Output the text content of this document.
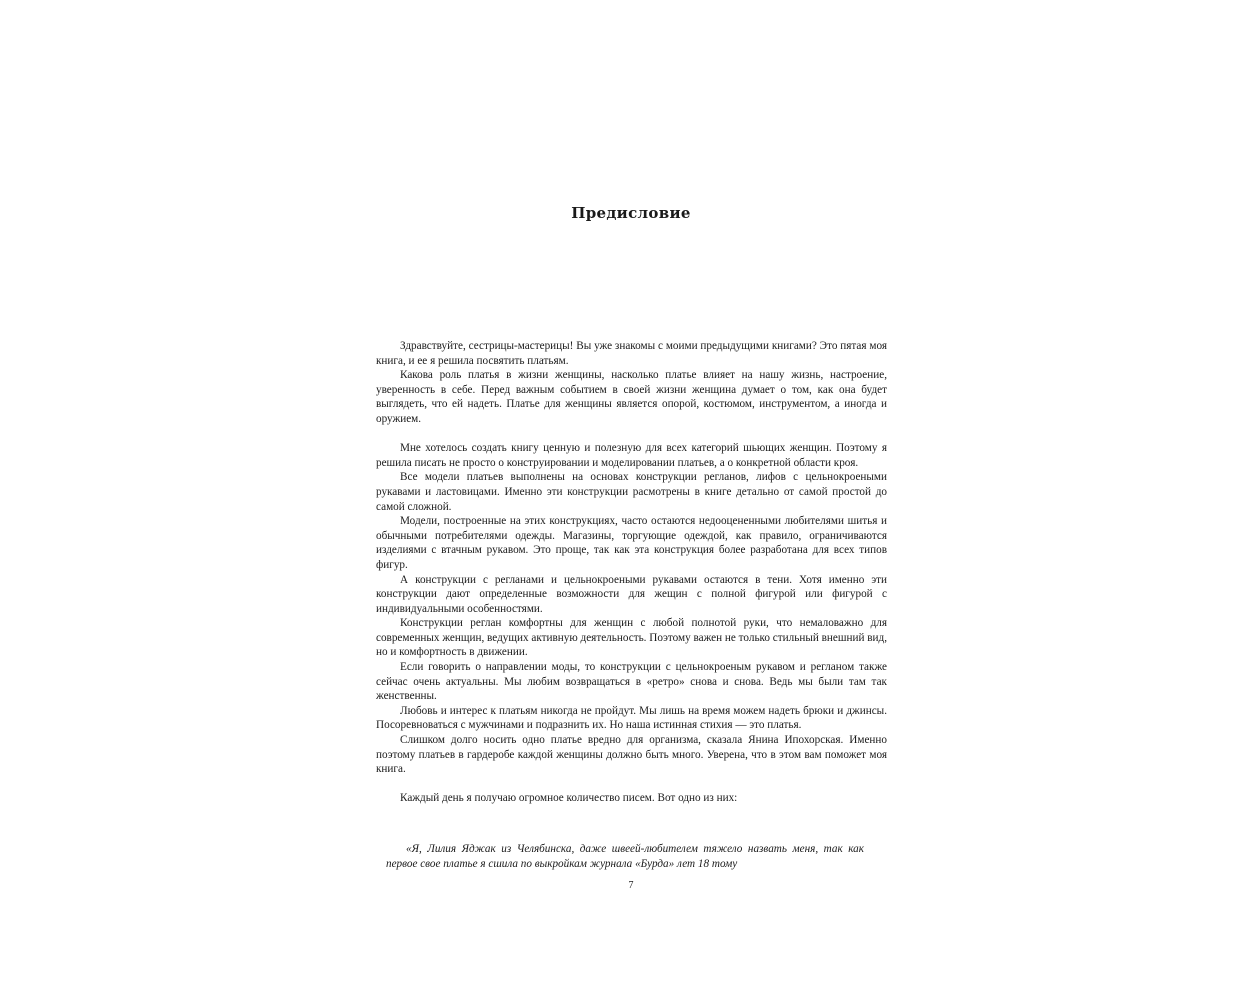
Предисловие

Здравствуйте, сестрицы-мастерицы! Вы уже знакомы с моими предыдущими книгами? Это пятая моя книга, и ее я решила посвятить платьям.

Какова роль платья в жизни женщины, насколько платье влияет на нашу жизнь, настроение, уверенность в себе. Перед важным событием в своей жизни женщина думает о том, как она будет выглядеть, что ей надеть. Платье для женщины является опорой, костюмом, инструментом, а иногда и оружием.

Мне хотелось создать книгу ценную и полезную для всех категорий шьющих женщин. Поэтому я решила писать не просто о конструировании и моделировании платьев, а о конкретной области кроя.

Все модели платьев выполнены на основах конструкции регланов, лифов с цельнокроеными рукавами и ластовицами. Именно эти конструкции расмотрены в книге детально от самой простой до самой сложной.

Модели, построенные на этих конструкциях, часто остаются недооцененными любителями шитья и обычными потребителями одежды. Магазины, торгующие одеждой, как правило, ограничиваются изделиями с втачным рукавом. Это проще, так как эта конструкция более разработана для всех типов фигур.

А конструкции с регланами и цельнокроеными рукавами остаются в тени. Хотя именно эти конструкции дают определенные возможности для жещин с полной фигурой или фигурой с индивидуальными особенностями.

Конструкции реглан комфортны для женщин с любой полнотой руки, что немаловажно для современных женщин, ведущих активную деятельность. Поэтому важен не только стильный внешний вид, но и комфортность в движении.

Если говорить о направлении моды, то конструкции с цельнокроеным рукавом и регланом также сейчас очень актуальны. Мы любим возвращаться в «ретро» снова и снова. Ведь мы были там так женственны.

Любовь и интерес к платьям никогда не пройдут. Мы лишь на время можем надеть брюки и джинсы. Посоревноваться с мужчинами и подразнить их. Но наша истинная стихия — это платья.

Слишком долго носить одно платье вредно для организма, сказала Янина Ипохорская. Именно поэтому платьев в гардеробе каждой женщины должно быть много. Уверена, что в этом вам поможет моя книга.

Каждый день я получаю огромное количество писем. Вот одно из них:

«Я, Лилия Яджак из Челябинска, даже швеей-любителем тяжело назвать меня, так как первое свое платье я сшила по выкройкам журнала «Бурда» лет 18 тому

7
